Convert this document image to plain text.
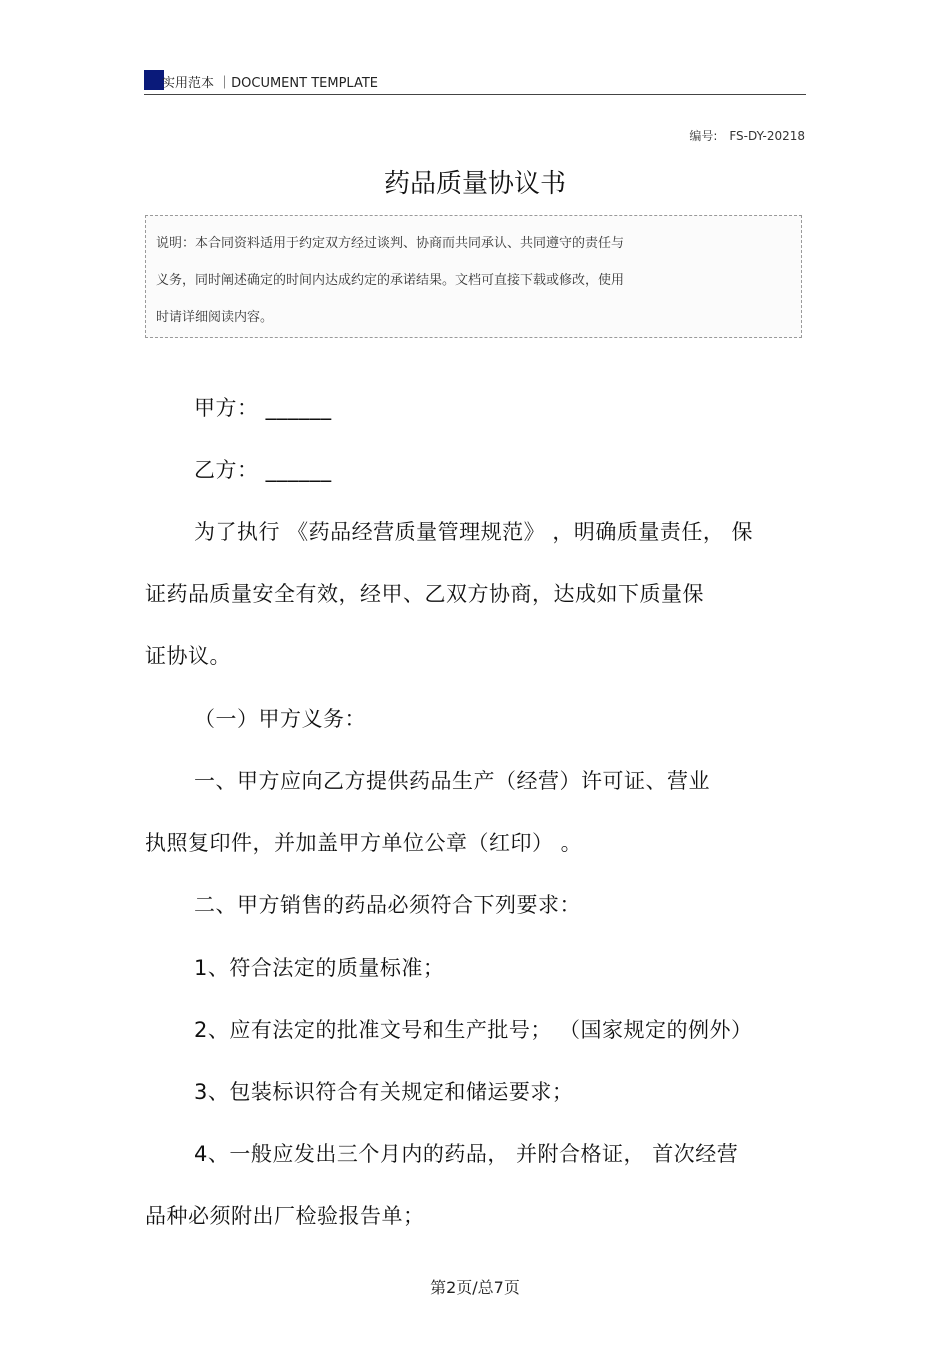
实用范本 ｜DOCUMENT TEMPLATE
编号: FS-DY-20218
药品质量协议书
说明：本合同资料适用于约定双方经过谈判、协商而共同承认、共同遵守的责任与
义务，同时阐述确定的时间内达成约定的承诺结果。文档可直接下载或修改，使用
时请详细阅读内容。
甲方： ______
乙方： ______
为了执行 《药品经营质量管理规范》 ，明确质量责任， 保
证药品质量安全有效，经甲、乙双方协商，达成如下质量保
证协议。
（一）甲方义务：
一、甲方应向乙方提供药品生产（经营）许可证、营业
执照复印件，并加盖甲方单位公章（红印） 。
二、甲方销售的药品必须符合下列要求：
1、符合法定的质量标准；
2、应有法定的批准文号和生产批号； （国家规定的例外）
3、包装标识符合有关规定和储运要求；
4、一般应发出三个月内的药品， 并附合格证， 首次经营
品种必须附出厂检验报告单；
第2页/总7页
